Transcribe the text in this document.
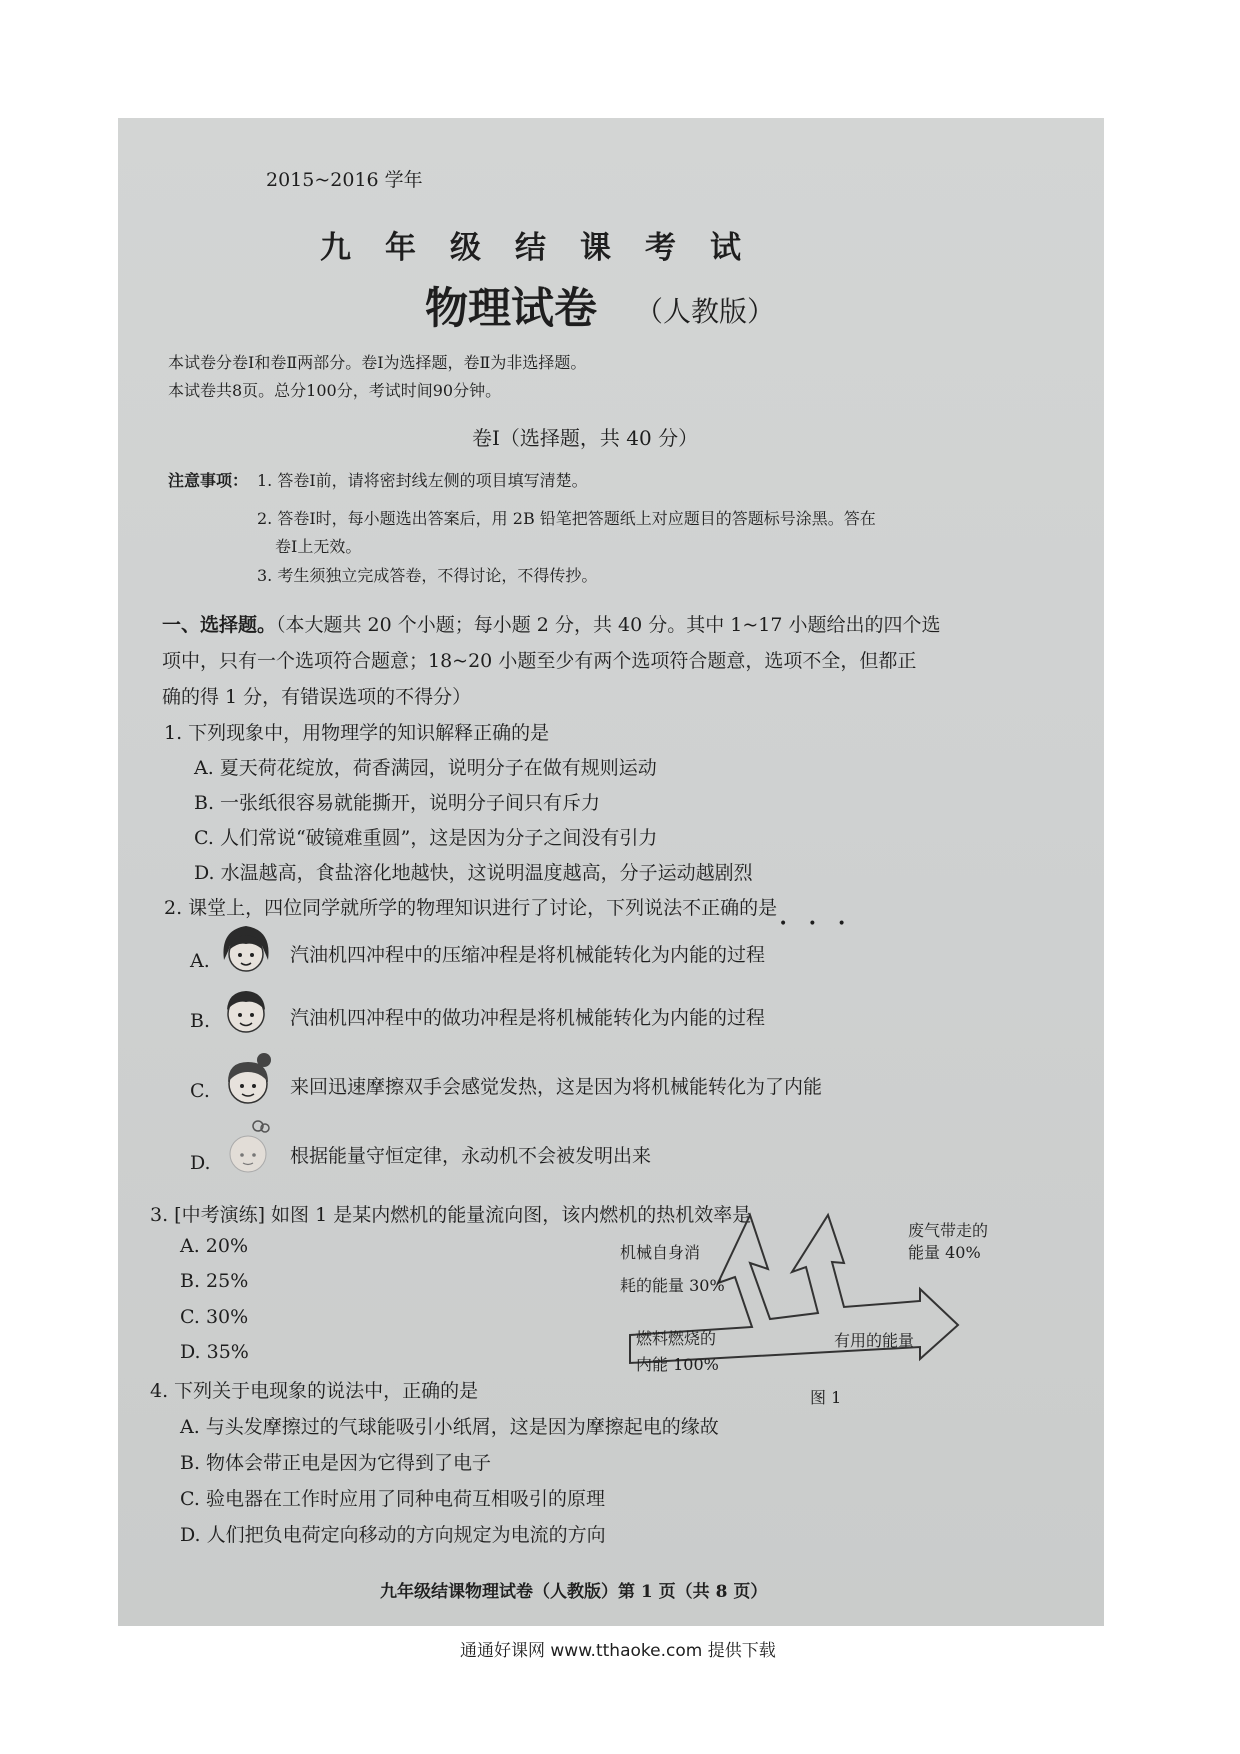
2015~2016 学年
九年级结课考试
物理试卷 （人教版）
本试卷分卷Ⅰ和卷Ⅱ两部分。卷Ⅰ为选择题，卷Ⅱ为非选择题。
本试卷共8页。总分100分，考试时间90分钟。
卷Ⅰ（选择题，共 40 分）
注意事项： 1. 答卷Ⅰ前，请将密封线左侧的项目填写清楚。
2. 答卷Ⅰ时，每小题选出答案后，用 2B 铅笔把答题纸上对应题目的答题标号涂黑。答在
卷Ⅰ上无效。
3. 考生须独立完成答卷，不得讨论，不得传抄。
一、选择题。（本大题共 20 个小题；每小题 2 分，共 40 分。其中 1~17 小题给出的四个选
项中，只有一个选项符合题意；18~20 小题至少有两个选项符合题意，选项不全，但都正
确的得 1 分，有错误选项的不得分）
1. 下列现象中，用物理学的知识解释正确的是
A. 夏天荷花绽放，荷香满园，说明分子在做有规则运动
B. 一张纸很容易就能撕开，说明分子间只有斥力
C. 人们常说“破镜难重圆”，这是因为分子之间没有引力
D. 水温越高，食盐溶化地越快，这说明温度越高，分子运动越剧烈
2. 课堂上，四位同学就所学的物理知识进行了讨论，下列说法不正确的是
•••
A.	汽油机四冲程中的压缩冲程是将机械能转化为内能的过程
B.	汽油机四冲程中的做功冲程是将机械能转化为内能的过程
C.	来回迅速摩擦双手会感觉发热，这是因为将机械能转化为了内能
D.	根据能量守恒定律，永动机不会被发明出来
3. [中考演练] 如图 1 是某内燃机的能量流向图，该内燃机的热机效率是
A. 20%
B. 25%
C. 30%
D. 35%
机械自身消
耗的能量 30%
废气带走的
能量 40%
燃料燃烧的
内能 100%
有用的能量
图 1
4. 下列关于电现象的说法中，正确的是
A. 与头发摩擦过的气球能吸引小纸屑，这是因为摩擦起电的缘故
B. 物体会带正电是因为它得到了电子
C. 验电器在工作时应用了同种电荷互相吸引的原理
D. 人们把负电荷定向移动的方向规定为电流的方向
九年级结课物理试卷（人教版）第 1 页（共 8 页）
通通好课网 www.tthaoke.com 提供下载
